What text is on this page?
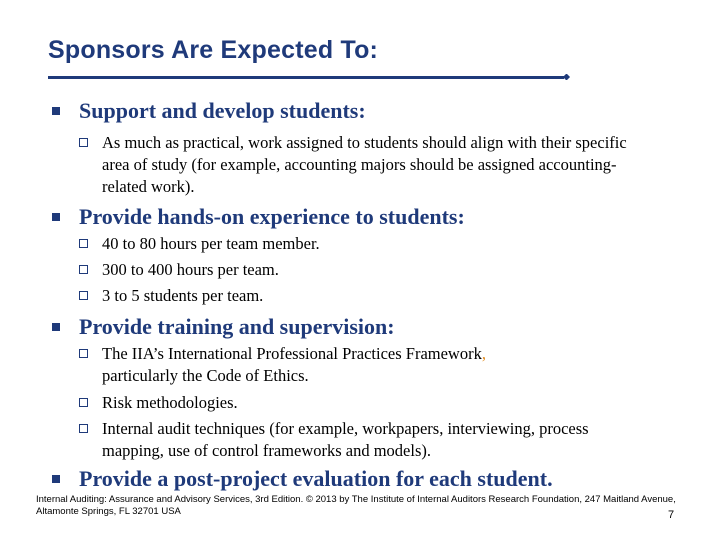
Sponsors Are Expected To:
Support and develop students:
As much as practical, work assigned to students should align with their specific area of study (for example, accounting majors should be assigned accounting-related work).
Provide hands-on experience to students:
40 to 80 hours per team member.
300 to 400 hours per team.
3 to 5 students per team.
Provide training and supervision:
The IIA’s International Professional Practices Framework,
particularly the Code of Ethics.
Risk methodologies.
Internal audit techniques (for example, workpapers, interviewing, process mapping, use of control frameworks and models).
Provide a post-project evaluation for each student.
Internal Auditing: Assurance and Advisory Services, 3rd Edition. © 2013 by The Institute of Internal Auditors Research Foundation, 247 Maitland Avenue, Altamonte Springs, FL 32701 USA	7
